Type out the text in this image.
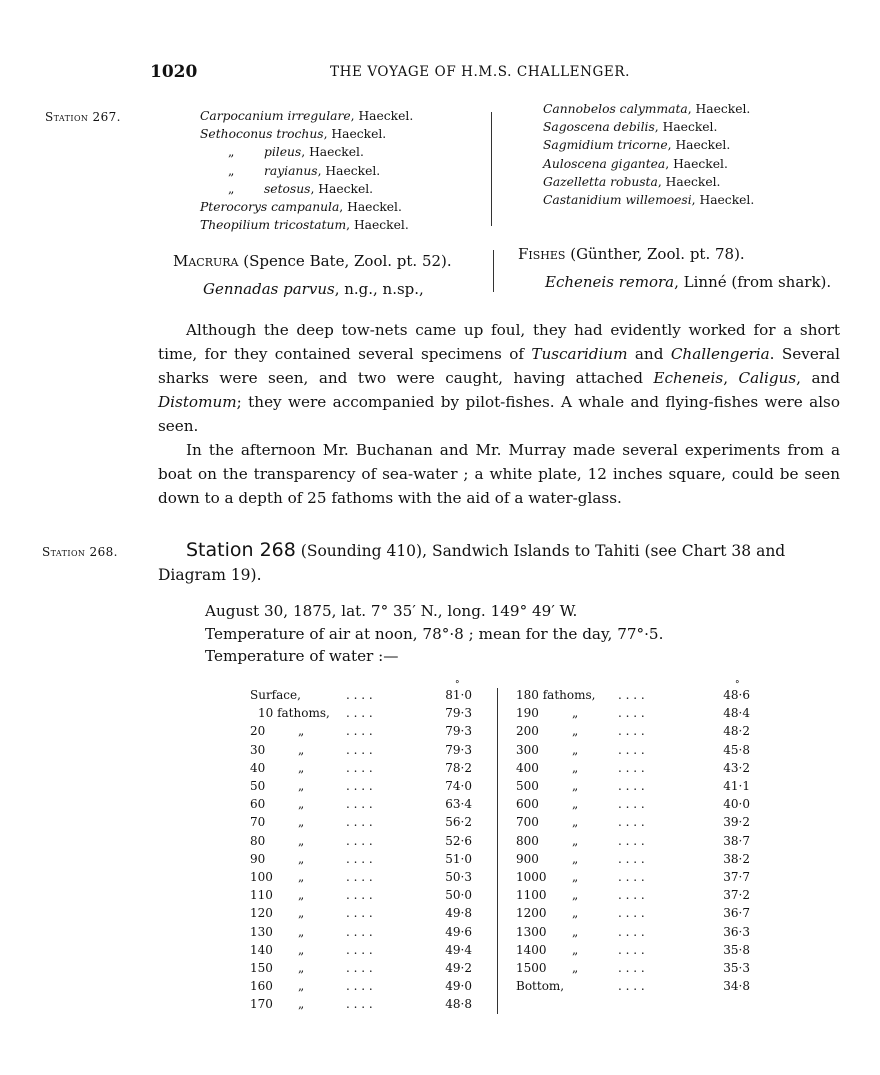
1020	THE VOYAGE OF H.M.S. CHALLENGER.
Station 267.	Carpocanium irregulare, Haeckel.
Sethoconus trochus, Haeckel.
„ pileus, Haeckel.
„ rayianus, Haeckel.
„ setosus, Haeckel.
Pterocorys campanula, Haeckel.
Theopilium tricostatum, Haeckel.
Cannobelos calymmata, Haeckel.
Sagoscena debilis, Haeckel.
Sagmidium tricorne, Haeckel.
Auloscena gigantea, Haeckel.
Gazelletta robusta, Haeckel.
Castanidium willemoesi, Haeckel.
Macrura (Spence Bate, Zool. pt. 52).
Gennadas parvus, n.g., n.sp.,
Fishes (Günther, Zool. pt. 78).
Echeneis remora, Linné (from shark).

Although the deep tow-nets came up foul, they had evidently worked for a short time, for they contained several specimens of Tuscaridium and Challengeria. Several sharks were seen, and two were caught, having attached Echeneis, Caligus, and Distomum; they were accompanied by pilot-fishes. A whale and flying-fishes were also seen.

In the afternoon Mr. Buchanan and Mr. Murray made several experiments from a boat on the transparency of sea-water ; a white plate, 12 inches square, could be seen down to a depth of 25 fathoms with the aid of a water-glass.

Station 268.	Station 268 (Sounding 410), Sandwich Islands to Tahiti (see Chart 38 and Diagram 19).
August 30, 1875, lat. 7° 35′ N., long. 149° 49′ W.
Temperature of air at noon, 78°·8 ; mean for the day, 77°·5.
Temperature of water :—
Surface,	. . . .	81·0
10 fathoms, . . . .	79·3
20	„	. . . .	79·3
30	„	. . . .	79·3
40	„	. . . .	78·2
50	„	. . . .	74·0
60	„	. . . .	63·4
70	„	. . . .	56·2
80	„	. . . .	52·6
90	„	. . . .	51·0
100 „	. . . .	50·3
110 „	. . . .	50·0
120 „	. . . .	49·8
130 „	. . . .	49·6
140 „	. . . .	49·4
150 „	. . . .	49·2
160 „	. . . .	49·0
170 „	. . . .	48·8
180 fathoms, . . . .	48·6
190	„	. . . .	48·4
200	„	. . . .	48·2
300	„	. . . .	45·8
400	„	. . . .	43·2
500	„	. . . .	41·1
600	„	. . . .	40·0
700	„	. . . .	39·2
800	„	. . . .	38·7
900	„	. . . .	38·2
1000 „	. . . .	37·7
1100 „	. . . .	37·2
1200 „	. . . .	36·7
1300 „	. . . .	36·3
1400 „	. . . .	35·8
1500 „	. . . .	35·3
Bottom,	. . . .	34·8
°	°
